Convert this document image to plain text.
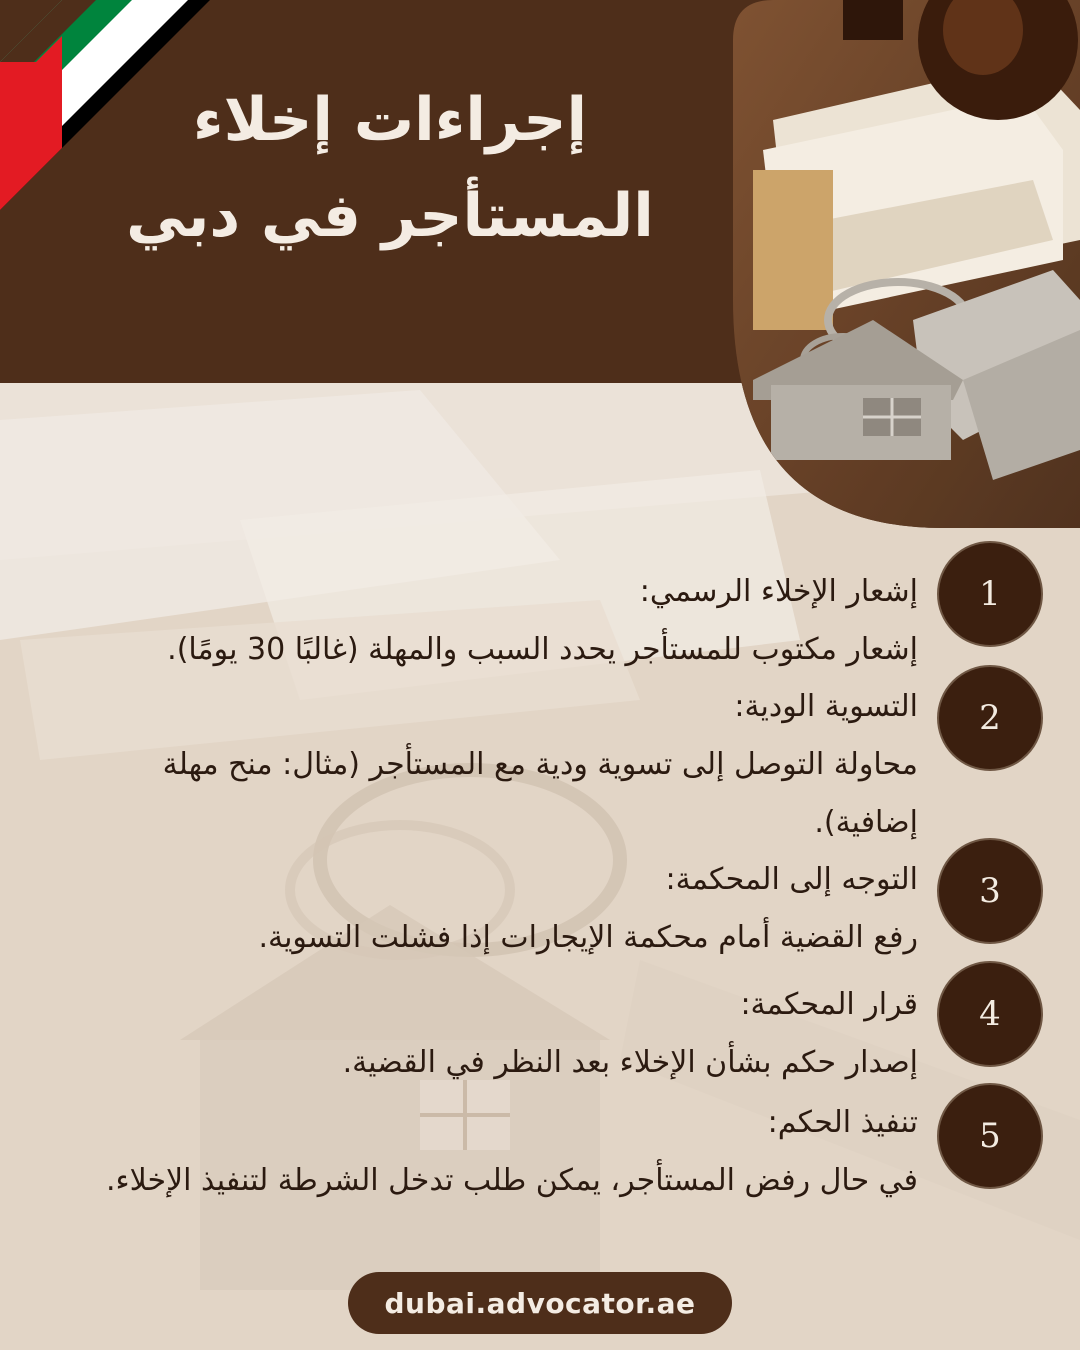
إجراءات إخلاء
المستأجر في دبي
1
إشعار الإخلاء الرسمي:
إشعار مكتوب للمستأجر يحدد السبب والمهلة (غالبًا 30 يومًا).
2
التسوية الودية:
محاولة التوصل إلى تسوية ودية مع المستأجر (مثال: منح مهلة إضافية).
3
التوجه إلى المحكمة:
رفع القضية أمام محكمة الإيجارات إذا فشلت التسوية.
4
قرار المحكمة:
إصدار حكم بشأن الإخلاء بعد النظر في القضية.
5
تنفيذ الحكم:
في حال رفض المستأجر، يمكن طلب تدخل الشرطة لتنفيذ الإخلاء.
dubai.advocator.ae
